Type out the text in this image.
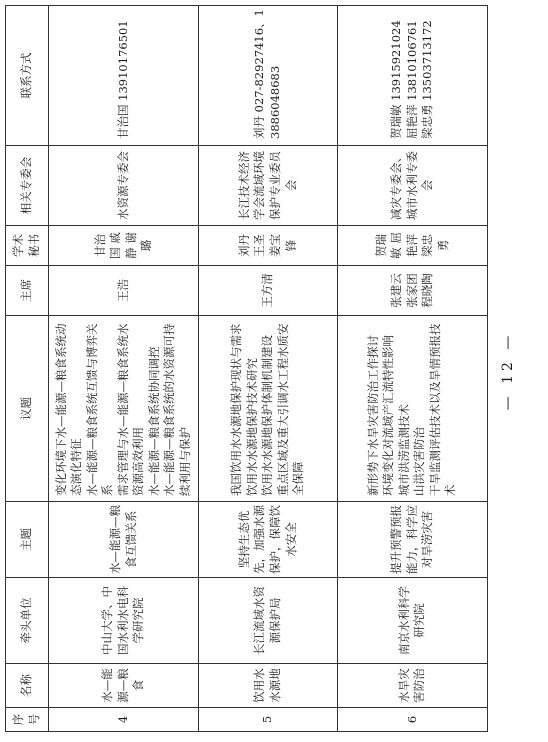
序号	名称	牵头单位	主题	议题	主席	学术秘书	相关专委会	联系方式
4	水—能源—粮食	中山大学、中国水利水电科学研究院	水—能源—粮食互馈关系	变化环境下水—能源—粮食系统动态演化特征 水—能源—粮食系统互馈与博弈关系 需求管理与水—能源—粮食系统水资源高效利用 水—能源—粮食系统协同调控 水—能源—粮食系统的水资源可持续利用与保护	王浩	甘治国 戚静 谢璐	水资源专委会	甘治国 13910176501

5	饮用水水源地	长江流域水资源保护局	坚持生态优先，加强水源保护，保障饮水安全	我国饮用水水源地保护现状与需求 饮用水水源地保护技术研究 饮用水水源地保护体制机制建设 重点区域及重大引调水工程水质安全保障	王方清	刘丹 王圣 姜宝锋	长江技术经济学会流域环境保护专业委员会	刘丹 027-82927416、13886048683

6	水旱灾害防治	南京水利科学研究院	提升预警预报能力，科学应对旱涝灾害	新形势下水旱灾害防治工作探讨 环境变化对流域产汇流特性影响 城市洪涝监测技术 山洪灾害防治 干旱监测评估技术以及旱情预报技术	张建云 张家团 程晓陶	贺瑞敏 屈艳萍 梁忠勇	减灾专委会、城市水利专委会	贺瑞敏 13915921024 屈艳萍 13810106761 梁忠勇 13503713172
— 12 —
